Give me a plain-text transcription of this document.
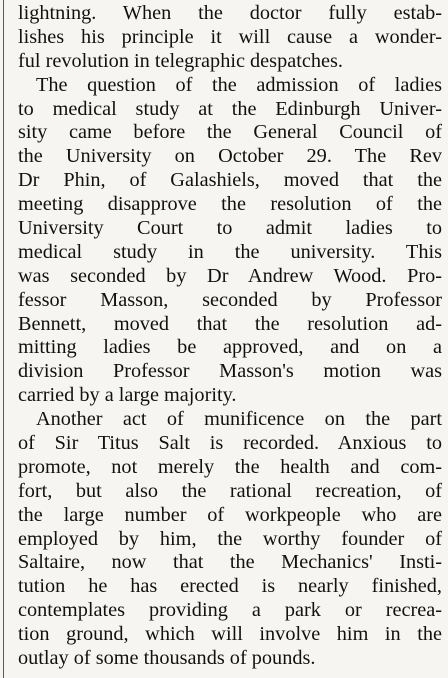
lightning. When the doctor fully estab-
lishes his principle it will cause a wonder-
ful revolution in telegraphic despatches.
The question of the admission of ladies
to medical study at the Edinburgh Univer-
sity came before the General Council of
the University on October 29. The Rev
Dr Phin, of Galashiels, moved that the
meeting disapprove the resolution of the
University Court to admit ladies to
medical study in the university. This
was seconded by Dr Andrew Wood. Pro-
fessor Masson, seconded by Professor
Bennett, moved that the resolution ad-
mitting ladies be approved, and on a
division Professor Masson's motion was
carried by a large majority.
Another act of munificence on the part
of Sir Titus Salt is recorded. Anxious to
promote, not merely the health and com-
fort, but also the rational recreation, of
the large number of workpeople who are
employed by him, the worthy founder of
Saltaire, now that the Mechanics' Insti-
tution he has erected is nearly finished,
contemplates providing a park or recrea-
tion ground, which will involve him in the
outlay of some thousands of pounds.
